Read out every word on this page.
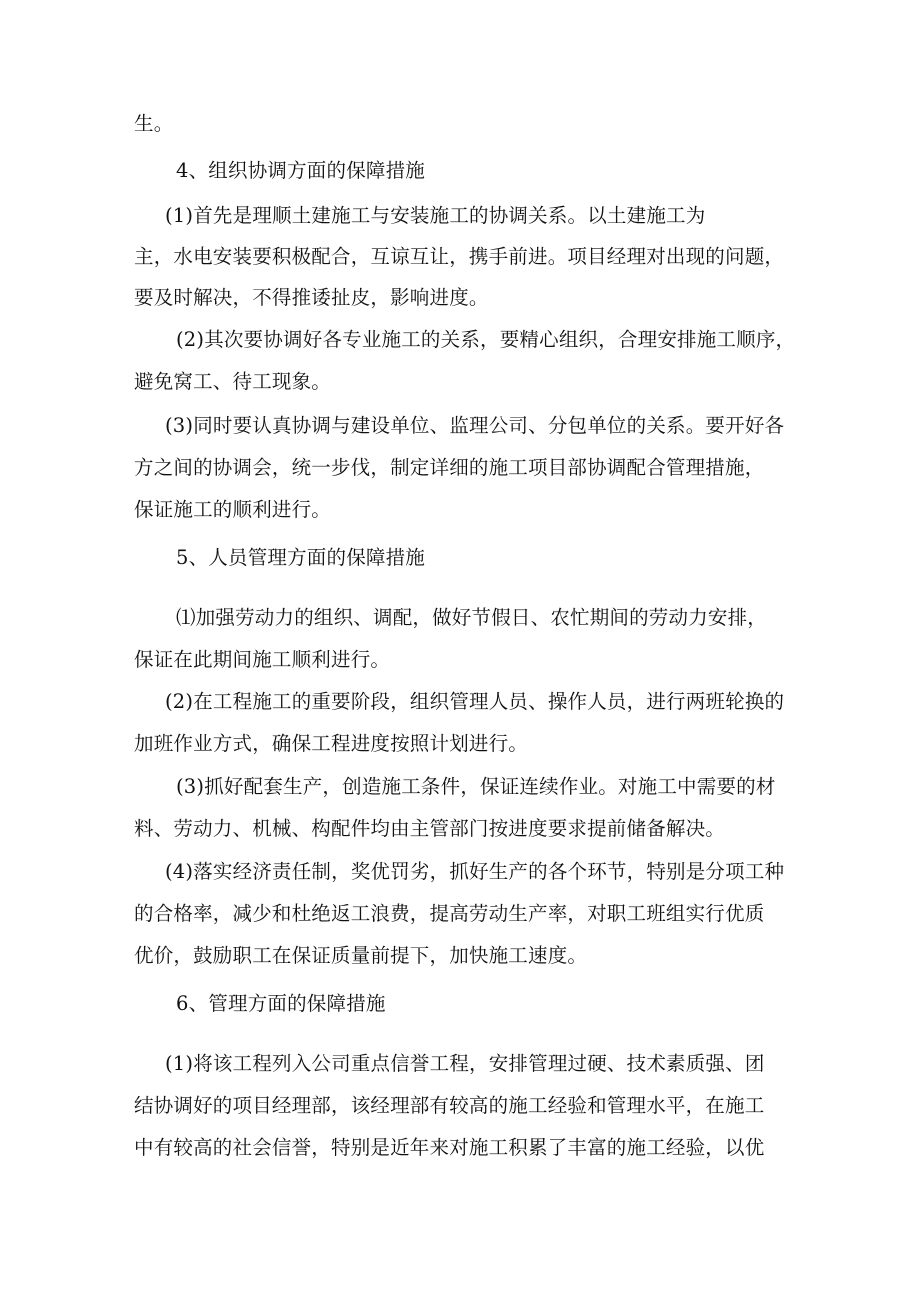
生。
4、组织协调方面的保障措施
(1)首先是理顺土建施工与安装施工的协调关系。以土建施工为
主，水电安装要积极配合，互谅互让，携手前进。项目经理对出现的问题，
要及时解决，不得推诿扯皮，影响进度。
(2)其次要协调好各专业施工的关系，要精心组织，合理安排施工顺序，
避免窝工、待工现象。
(3)同时要认真协调与建设单位、监理公司、分包单位的关系。要开好各
方之间的协调会，统一步伐，制定详细的施工项目部协调配合管理措施，
保证施工的顺利进行。
5、人员管理方面的保障措施
⑴加强劳动力的组织、调配，做好节假日、农忙期间的劳动力安排，
保证在此期间施工顺利进行。
(2)在工程施工的重要阶段，组织管理人员、操作人员，进行两班轮换的
加班作业方式，确保工程进度按照计划进行。
(3)抓好配套生产，创造施工条件，保证连续作业。对施工中需要的材
料、劳动力、机械、构配件均由主管部门按进度要求提前储备解决。
(4)落实经济责任制，奖优罚劣，抓好生产的各个环节，特别是分项工种
的合格率，减少和杜绝返工浪费，提高劳动生产率，对职工班组实行优质
优价，鼓励职工在保证质量前提下，加快施工速度。
6、管理方面的保障措施
(1)将该工程列入公司重点信誉工程，安排管理过硬、技术素质强、团
结协调好的项目经理部，该经理部有较高的施工经验和管理水平，在施工
中有较高的社会信誉，特别是近年来对施工积累了丰富的施工经验，以优
